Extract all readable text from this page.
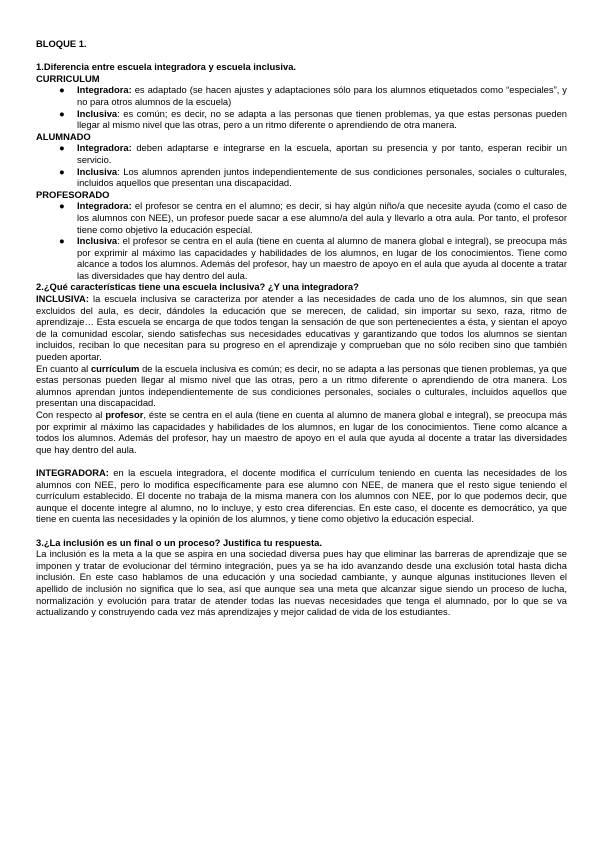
BLOQUE 1.
1.Diferencia entre escuela integradora y escuela inclusiva.
CURRICULUM
● Integradora: es adaptado (se hacen ajustes y adaptaciones sólo para los alumnos etiquetados como “especiales”, y no para otros alumnos de la escuela)
● Inclusiva: es común; es decir, no se adapta a las personas que tienen problemas, ya que estas personas pueden llegar al mismo nivel que las otras, pero a un ritmo diferente o aprendiendo de otra manera.
ALUMNADO
● Integradora: deben adaptarse e integrarse en la escuela, aportan su presencia y por tanto, esperan recibir un servicio.
● Inclusiva: Los alumnos aprenden juntos independientemente de sus condiciones personales, sociales o culturales, incluidos aquellos que presentan una discapacidad.
PROFESORADO
● Integradora: el profesor se centra en el alumno; es decir, si hay algún niño/a que necesite ayuda (como el caso de los alumnos con NEE), un profesor puede sacar a ese alumno/a del aula y llevarlo a otra aula. Por tanto, el profesor tiene como objetivo la educación especial.
● Inclusiva: el profesor se centra en el aula (tiene en cuenta al alumno de manera global e integral), se preocupa más por exprimir al máximo las capacidades y habilidades de los alumnos, en lugar de los conocimientos. Tiene como alcance a todos los alumnos. Además del profesor, hay un maestro de apoyo en el aula que ayuda al docente a tratar las diversidades que hay dentro del aula.
2.¿Qué características tiene una escuela inclusiva? ¿Y una integradora?
INCLUSIVA: la escuela inclusiva se caracteriza por atender a las necesidades de cada uno de los alumnos, sin que sean excluidos del aula, es decir, dándoles la educación que se merecen, de calidad, sin importar su sexo, raza, ritmo de aprendizaje… Esta escuela se encarga de que todos tengan la sensación de que son pertenecientes a ésta, y sientan el apoyo de la comunidad escolar, siendo satisfechas sus necesidades educativas y garantizando que todos los alumnos se sientan incluidos, reciban lo que necesitan para su progreso en el aprendizaje y comprueban que no sólo reciben sino que también pueden aportar.
En cuanto al currículum de la escuela inclusiva es común; es decir, no se adapta a las personas que tienen problemas, ya que estas personas pueden llegar al mismo nivel que las otras, pero a un ritmo diferente o aprendiendo de otra manera. Los alumnos aprendan juntos independientemente de sus condiciones personales, sociales o culturales, incluidos aquellos que presentan una discapacidad.
Con respecto al profesor, éste se centra en el aula (tiene en cuenta al alumno de manera global e integral), se preocupa más por exprimir al máximo las capacidades y habilidades de los alumnos, en lugar de los conocimientos. Tiene como alcance a todos los alumnos. Además del profesor, hay un maestro de apoyo en el aula que ayuda al docente a tratar las diversidades que hay dentro del aula.
INTEGRADORA: en la escuela integradora, el docente modifica el currículum teniendo en cuenta las necesidades de los alumnos con NEE, pero lo modifica específicamente para ese alumno con NEE, de manera que el resto sigue teniendo el currículum establecido. El docente no trabaja de la misma manera con los alumnos con NEE, por lo que podemos decir, que aunque el docente integre al alumno, no lo incluye, y esto crea diferencias. En este caso, el docente es democrático, ya que tiene en cuenta las necesidades y la opinión de los alumnos, y tiene como objetivo la educación especial.
3.¿La inclusión es un final o un proceso? Justifica tu respuesta.
La inclusión es la meta a la que se aspira en una sociedad diversa pues hay que eliminar las barreras de aprendizaje que se imponen y tratar de evolucionar del término integración, pues ya se ha ido avanzando desde una exclusión total hasta dicha inclusión. En este caso hablamos de una educación y una sociedad cambiante, y aunque algunas instituciones lleven el apellido de inclusión no significa que lo sea, así que aunque sea una meta que alcanzar sigue siendo un proceso de lucha, normalización y evolución para tratar de atender todas las nuevas necesidades que tenga el alumnado, por lo que se va actualizando y construyendo cada vez más aprendizajes y mejor calidad de vida de los estudiantes.
